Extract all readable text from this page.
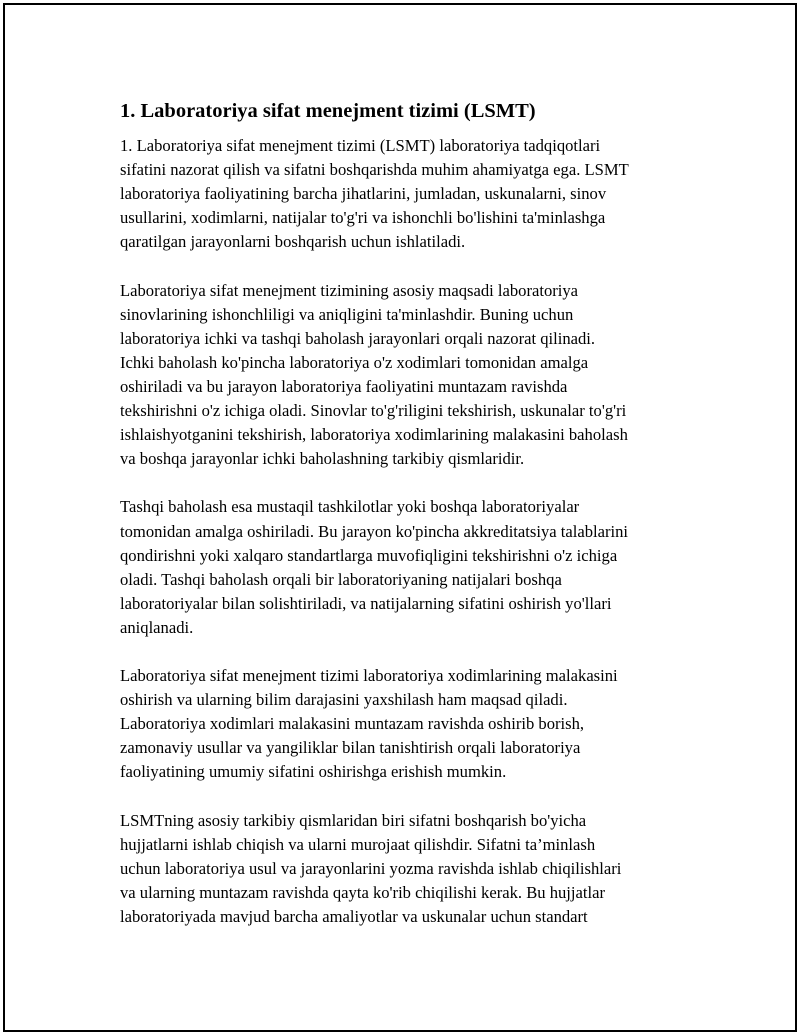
1. Laboratoriya sifat menejment tizimi (LSMT)

1. Laboratoriya sifat menejment tizimi (LSMT) laboratoriya tadqiqotlari
sifatini nazorat qilish va sifatni boshqarishda muhim ahamiyatga ega. LSMT
laboratoriya faoliyatining barcha jihatlarini, jumladan, uskunalarni, sinov
usullarini, xodimlarni, natijalar to'g'ri va ishonchli bo'lishini ta'minlashga
qaratilgan jarayonlarni boshqarish uchun ishlatiladi.

Laboratoriya sifat menejment tizimining asosiy maqsadi laboratoriya
sinovlarining ishonchliligi va aniqligini ta'minlashdir. Buning uchun
laboratoriya ichki va tashqi baholash jarayonlari orqali nazorat qilinadi.
Ichki baholash ko'pincha laboratoriya o'z xodimlari tomonidan amalga
oshiriladi va bu jarayon laboratoriya faoliyatini muntazam ravishda
tekshirishni o'z ichiga oladi. Sinovlar to'g'riligini tekshirish, uskunalar to'g'ri
ishlaishyotganini tekshirish, laboratoriya xodimlarining malakasini baholash
va boshqa jarayonlar ichki baholashning tarkibiy qismlaridir.

Tashqi baholash esa mustaqil tashkilotlar yoki boshqa laboratoriyalar
tomonidan amalga oshiriladi. Bu jarayon ko'pincha akkreditatsiya talablarini
qondirishni yoki xalqaro standartlarga muvofiqligini tekshirishni o'z ichiga
oladi. Tashqi baholash orqali bir laboratoriyaning natijalari boshqa
laboratoriyalar bilan solishtiriladi, va natijalarning sifatini oshirish yo'llari
aniqlanadi.

Laboratoriya sifat menejment tizimi laboratoriya xodimlarining malakasini
oshirish va ularning bilim darajasini yaxshilash ham maqsad qiladi.
Laboratoriya xodimlari malakasini muntazam ravishda oshirib borish,
zamonaviy usullar va yangiliklar bilan tanishtirish orqali laboratoriya
faoliyatining umumiy sifatini oshirishga erishish mumkin.

LSMTning asosiy tarkibiy qismlaridan biri sifatni boshqarish bo'yicha
hujjatlarni ishlab chiqish va ularni murojaat qilishdir. Sifatni ta’minlash
uchun laboratoriya usul va jarayonlarini yozma ravishda ishlab chiqilishlari
va ularning muntazam ravishda qayta ko'rib chiqilishi kerak. Bu hujjatlar
laboratoriyada mavjud barcha amaliyotlar va uskunalar uchun standart
